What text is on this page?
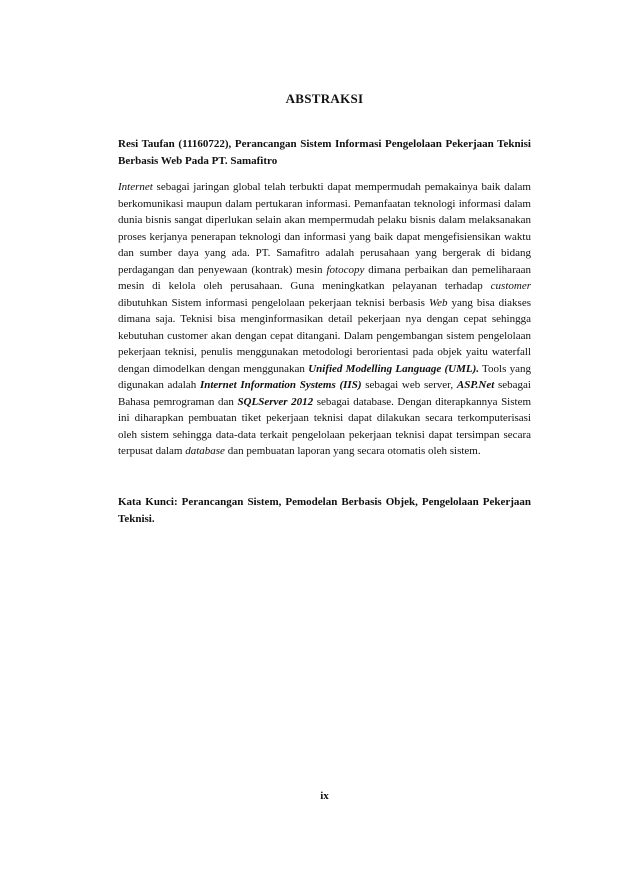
ABSTRAKSI
Resi Taufan (11160722), Perancangan Sistem Informasi Pengelolaan Pekerjaan Teknisi Berbasis Web Pada PT. Samafitro
Internet sebagai jaringan global telah terbukti dapat mempermudah pemakainya baik dalam berkomunikasi maupun dalam pertukaran informasi. Pemanfaatan teknologi informasi dalam dunia bisnis sangat diperlukan selain akan mempermudah pelaku bisnis dalam melaksanakan proses kerjanya penerapan teknologi dan informasi yang baik dapat mengefisiensikan waktu dan sumber daya yang ada. PT. Samafitro adalah perusahaan yang bergerak di bidang perdagangan dan penyewaan (kontrak) mesin fotocopy dimana perbaikan dan pemeliharaan mesin di kelola oleh perusahaan. Guna meningkatkan pelayanan terhadap customer dibutuhkan Sistem informasi pengelolaan pekerjaan teknisi berbasis Web yang bisa diakses dimana saja. Teknisi bisa menginformasikan detail pekerjaan nya dengan cepat sehingga kebutuhan customer akan dengan cepat ditangani. Dalam pengembangan sistem pengelolaan pekerjaan teknisi, penulis menggunakan metodologi berorientasi pada objek yaitu waterfall dengan dimodelkan dengan menggunakan Unified Modelling Language (UML). Tools yang digunakan adalah Internet Information Systems (IIS) sebagai web server, ASP.Net sebagai Bahasa pemrograman dan SQLServer 2012 sebagai database. Dengan diterapkannya Sistem ini diharapkan pembuatan tiket pekerjaan teknisi dapat dilakukan secara terkomputerisasi oleh sistem sehingga data-data terkait pengelolaan pekerjaan teknisi dapat tersimpan secara terpusat dalam database dan pembuatan laporan yang secara otomatis oleh sistem.
Kata Kunci: Perancangan Sistem, Pemodelan Berbasis Objek, Pengelolaan Pekerjaan Teknisi.
ix
